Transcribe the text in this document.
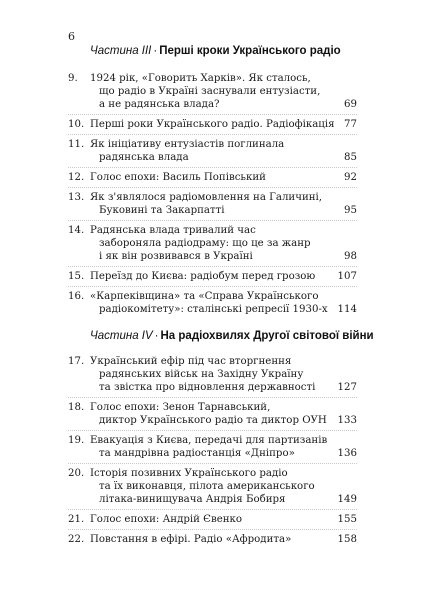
6
Частина III · Перші кроки Українського радіо
Частина IV · На радіохвилях Другої світової війни
9.	1924 рік, «Говорить Харків». Як сталось,
що радіо в Україні заснували ентузіасти,
а не радянська влада?	69
10. Перші роки Українського радіо. Радіофікація 77
11. Як ініціативу ентузіастів поглинала
радянська влада	85
12. Голос епохи: Василь Попівський	92
13. Як з'являлося радіомовлення на Галичині,
Буковині та Закарпатті	95
14. Радянська влада тривалий час
забороняла радіодраму: що це за жанр
і як він розвивався в Україні	98
15. Переїзд до Києва: радіобум перед грозою	107
16. «Карпеківщина» та «Справа Українського
радіокомітету»: сталінські репресії 1930-х 114
17. Український ефір під час вторгнення
радянських військ на Західну Україну
та звістка про відновлення державності	127
18. Голос епохи: Зенон Тарнавський,
диктор Українського радіо та диктор ОУН	133
19. Евакуація з Києва, передачі для партизанів
та мандрівна радіостанція «Дніпро»	136
20. Історія позивних Українського радіо
та їх виконавця, пілота американського
літака-винищувача Андрія Бобиря	149
21. Голос епохи: Андрій Євенко	155
22. Повстання в ефірі. Радіо «Афродита»	158
